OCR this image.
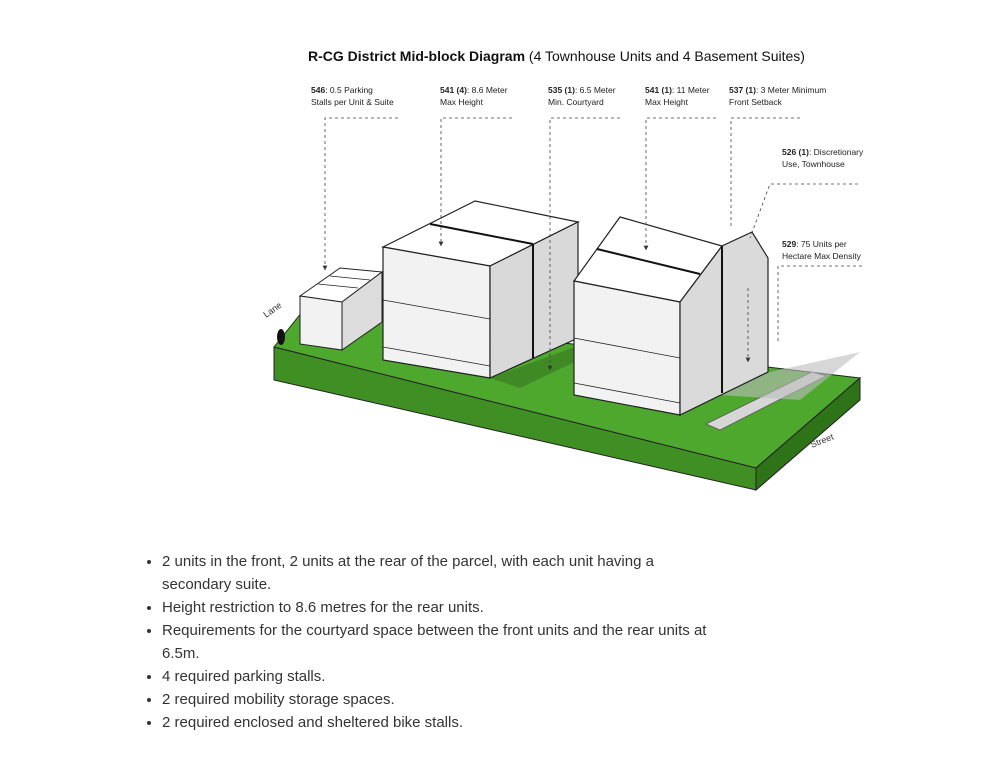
R-CG District Mid-block Diagram (4 Townhouse Units and 4 Basement Suites)
546: 0.5 Parking
Stalls per Unit & Suite
541 (4): 8.6 Meter
Max Height
535 (1): 6.5 Meter
Min. Courtyard
541 (1): 11 Meter
Max Height
537 (1): 3 Meter Minimum
Front Setback
526 (1): Discretionary
Use, Townhouse
529: 75 Units per
Hectare Max Density
Lane
Street
• 2 units in the front, 2 units at the rear of the parcel, with each unit having a secondary suite.
• Height restriction to 8.6 metres for the rear units.
• Requirements for the courtyard space between the front units and the rear units at 6.5m.
• 4 required parking stalls.
• 2 required mobility storage spaces.
• 2 required enclosed and sheltered bike stalls.
